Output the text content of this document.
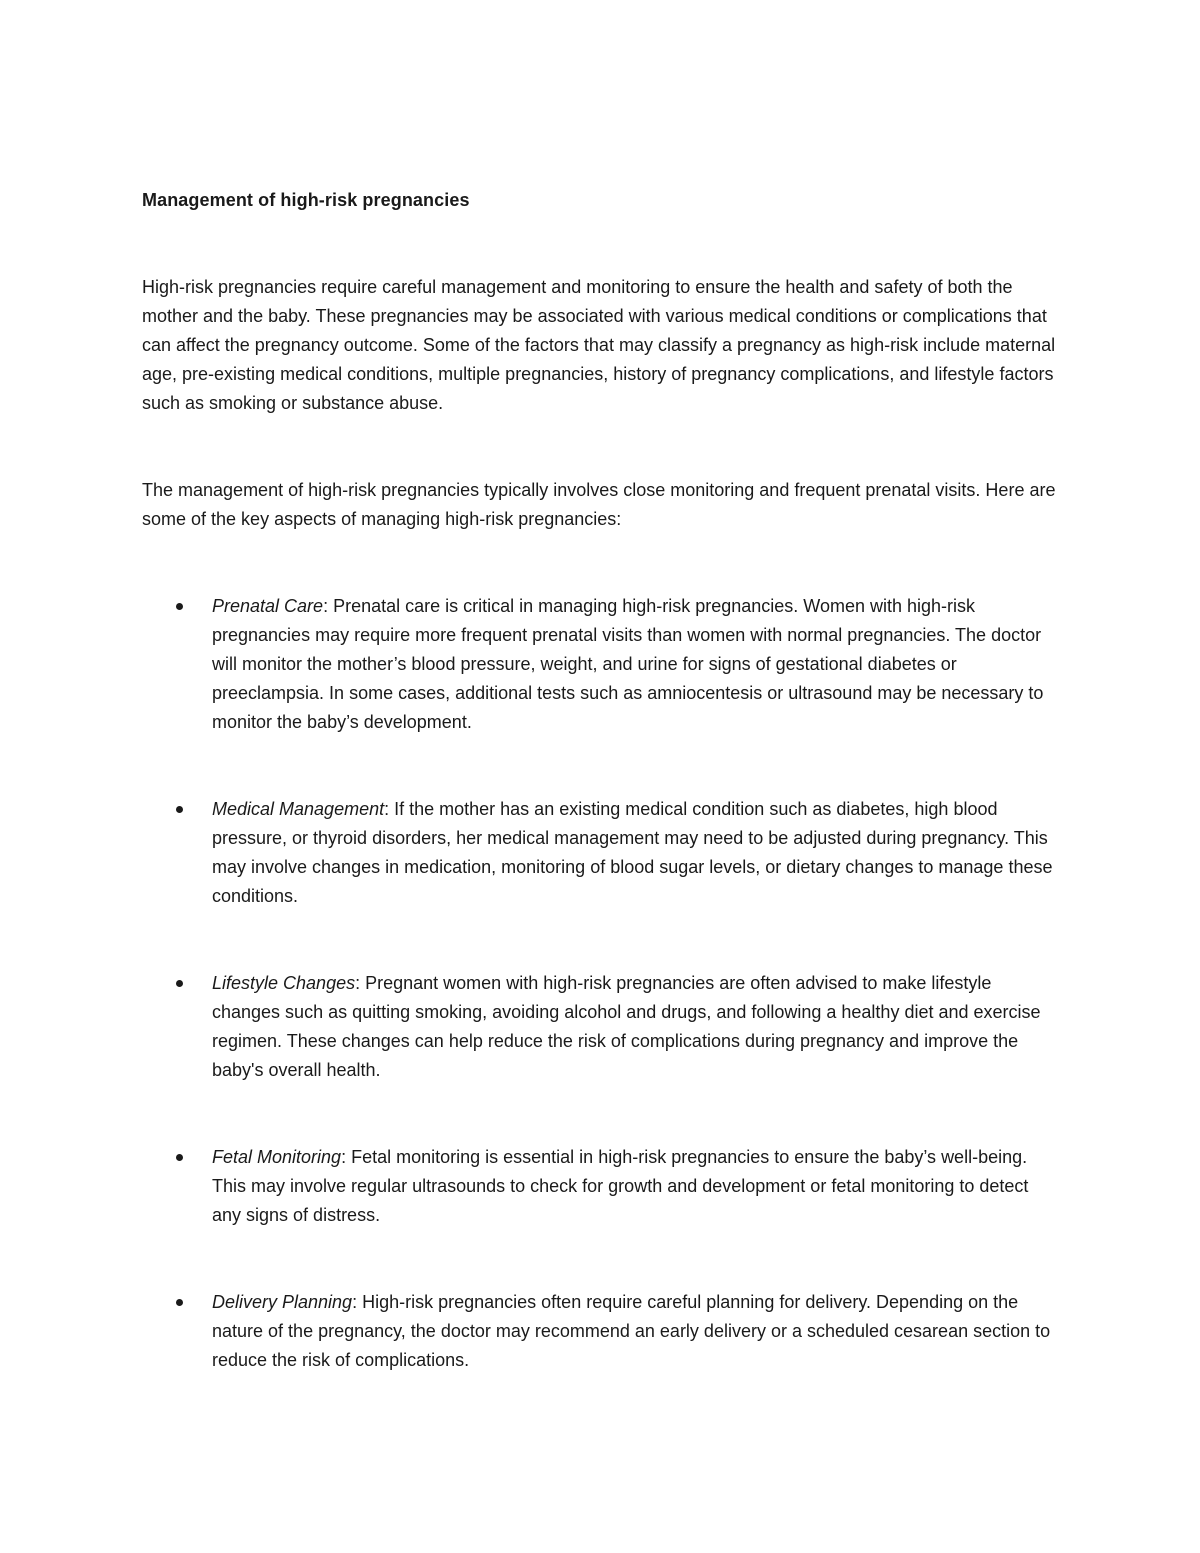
Management of high-risk pregnancies

High-risk pregnancies require careful management and monitoring to ensure the health and safety of both the mother and the baby. These pregnancies may be associated with various medical conditions or complications that can affect the pregnancy outcome. Some of the factors that may classify a pregnancy as high-risk include maternal age, pre-existing medical conditions, multiple pregnancies, history of pregnancy complications, and lifestyle factors such as smoking or substance abuse.

The management of high-risk pregnancies typically involves close monitoring and frequent prenatal visits. Here are some of the key aspects of managing high-risk pregnancies:

Prenatal Care: Prenatal care is critical in managing high-risk pregnancies. Women with high-risk pregnancies may require more frequent prenatal visits than women with normal pregnancies. The doctor will monitor the mother’s blood pressure, weight, and urine for signs of gestational diabetes or preeclampsia. In some cases, additional tests such as amniocentesis or ultrasound may be necessary to monitor the baby’s development.
Medical Management: If the mother has an existing medical condition such as diabetes, high blood pressure, or thyroid disorders, her medical management may need to be adjusted during pregnancy. This may involve changes in medication, monitoring of blood sugar levels, or dietary changes to manage these conditions.
Lifestyle Changes: Pregnant women with high-risk pregnancies are often advised to make lifestyle changes such as quitting smoking, avoiding alcohol and drugs, and following a healthy diet and exercise regimen. These changes can help reduce the risk of complications during pregnancy and improve the baby's overall health.
Fetal Monitoring: Fetal monitoring is essential in high-risk pregnancies to ensure the baby’s well-being. This may involve regular ultrasounds to check for growth and development or fetal monitoring to detect any signs of distress.
Delivery Planning: High-risk pregnancies often require careful planning for delivery. Depending on the nature of the pregnancy, the doctor may recommend an early delivery or a scheduled cesarean section to reduce the risk of complications.
